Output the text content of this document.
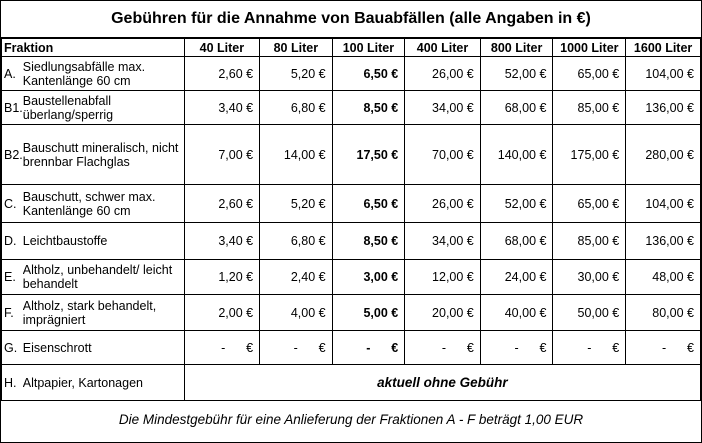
Gebühren für die Annahme von Bauabfällen (alle Angaben in €)
Fraktion		40 Liter	80 Liter	100 Liter	400 Liter	800 Liter	1000 Liter	1600 Liter
A.	Siedlungsabfälle max. Kantenlänge 60 cm	2,60 €	5,20 €	6,50 €	26,00 €	52,00 €	65,00 €	104,00 €
B1.	Baustellenabfall überlang/sperrig	3,40 €	6,80 €	8,50 €	34,00 €	68,00 €	85,00 €	136,00 €
B2.	Bauschutt mineralisch, nicht brennbar Flachglas	7,00 €	14,00 €	17,50 €	70,00 €	140,00 €	175,00 €	280,00 €
C.	Bauschutt, schwer max. Kantenlänge 60 cm	2,60 €	5,20 €	6,50 €	26,00 €	52,00 €	65,00 €	104,00 €
D.	Leichtbaustoffe	3,40 €	6,80 €	8,50 €	34,00 €	68,00 €	85,00 €	136,00 €
E.	Altholz, unbehandelt/ leicht behandelt	1,20 €	2,40 €	3,00 €	12,00 €	24,00 €	30,00 €	48,00 €
F.	Altholz, stark behandelt, imprägniert	2,00 €	4,00 €	5,00 €	20,00 €	40,00 €	50,00 €	80,00 €
G.	Eisenschrott	-      €	-      €	-      €	-      €	-      €	-      €	-      €
H.	Altpapier, Kartonagen	aktuell ohne Gebühr						
Die Mindestgebühr für eine Anlieferung der Fraktionen A - F beträgt 1,00 EUR								
